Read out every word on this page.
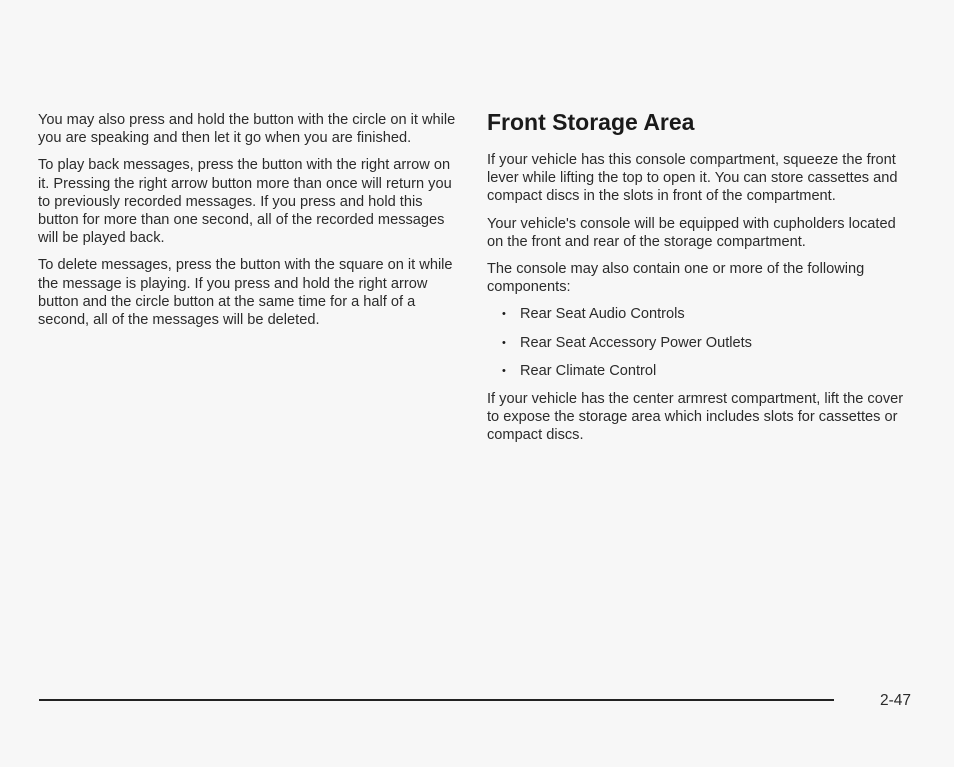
You may also press and hold the button with the circle on it while you are speaking and then let it go when you are finished.

To play back messages, press the button with the right arrow on it. Pressing the right arrow button more than once will return you to previously recorded messages. If you press and hold this button for more than one second, all of the recorded messages will be played back.

To delete messages, press the button with the square on it while the message is playing. If you press and hold the right arrow button and the circle button at the same time for a half of a second, all of the messages will be deleted.

Front Storage Area

If your vehicle has this console compartment, squeeze the front lever while lifting the top to open it. You can store cassettes and compact discs in the slots in front of the compartment.

Your vehicle's console will be equipped with cupholders located on the front and rear of the storage compartment.

The console may also contain one or more of the following components:

• Rear Seat Audio Controls
• Rear Seat Accessory Power Outlets
• Rear Climate Control

If your vehicle has the center armrest compartment, lift the cover to expose the storage area which includes slots for cassettes or compact discs.

2-47
